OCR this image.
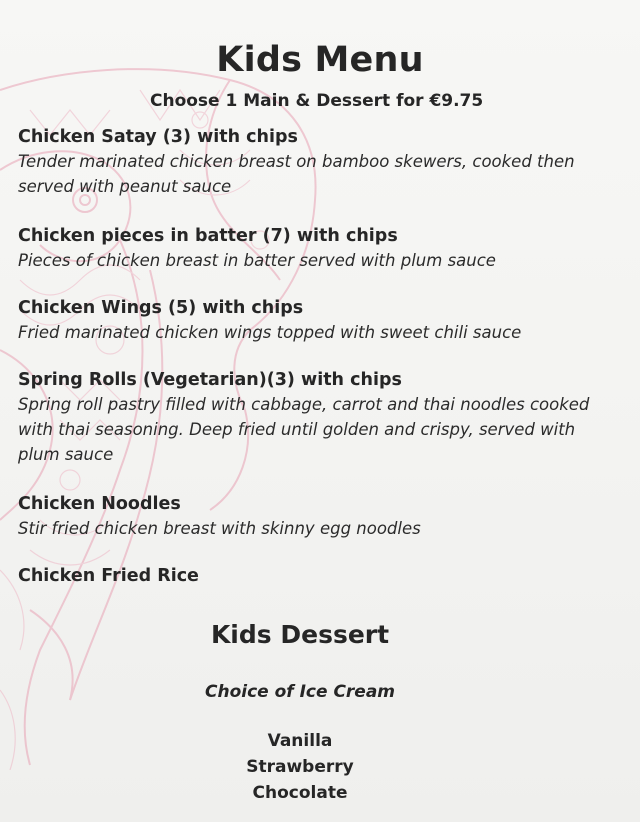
Kids Menu

Choose 1 Main & Dessert for €9.75

Chicken Satay (3) with chips

Tender marinated chicken breast on bamboo skewers, cooked then served with peanut sauce

Chicken pieces in batter (7) with chips

Pieces of chicken breast in batter served with plum sauce

Chicken Wings (5) with chips

Fried marinated chicken wings topped with sweet chili sauce

Spring Rolls (Vegetarian)(3) with chips

Spring roll pastry filled with cabbage, carrot and thai noodles cooked with thai seasoning. Deep fried until golden and crispy, served with plum sauce

Chicken Noodles

Stir fried chicken breast with skinny egg noodles

Chicken Fried Rice

Kids Dessert

Choice of Ice Cream

Vanilla
Strawberry
Chocolate
